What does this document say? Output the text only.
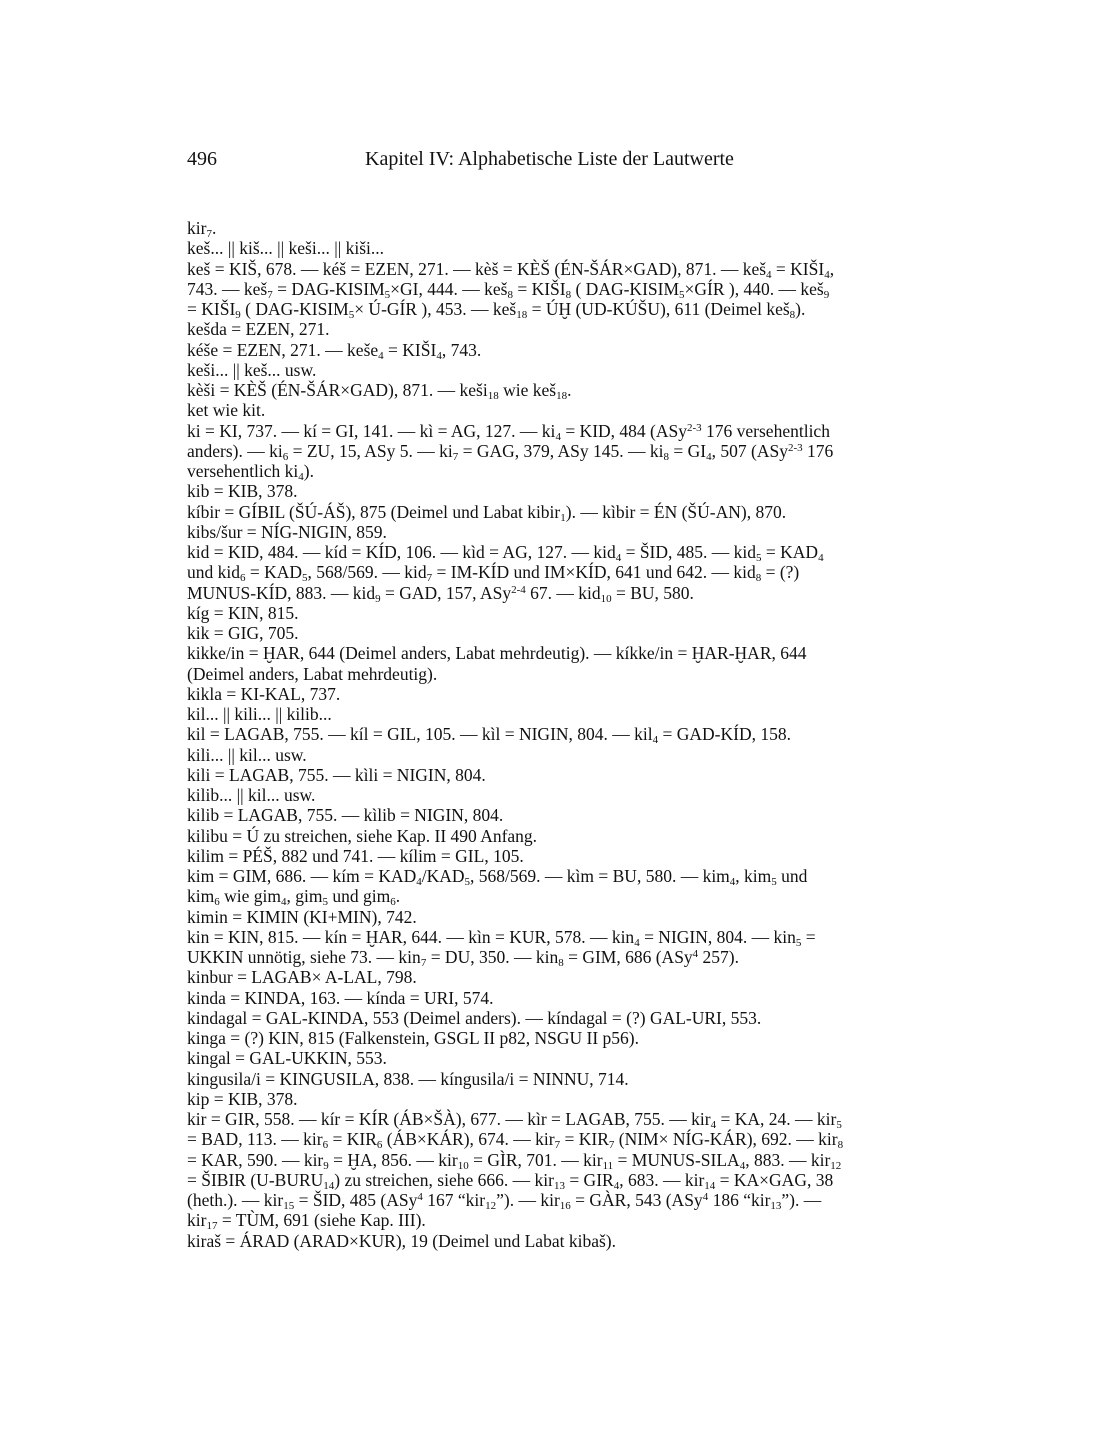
496	Kapitel IV: Alphabetische Liste der Lautwerte
kir$_7$.
keš... || kiš... || keši... || kiši...
keš = KIŠ, 678. — kéš = EZEN, 271. — kèš = KÈŠ (ÉN-ŠÁR×GAD), 871. — keš$_4$ = $KIŠI_4$,
743. — keš$_7$ = DAG-$KISIM_5\times GI$, 444. — keš$_8$ = $KIŠI_8$ ( DAG-$KISIM_5\times GÍR$ ), 440. — keš$_9$
= $KIŠI_9$ ( DAG-$KISIM_5\times$ Ú-GÍR ), 453. — keš$_{18}$ = ÚḪ (UD-KÚŠU), 611 (Deimel keš$_8$).
kešda = EZEN, 271.
kéše = EZEN, 271. — keše$_4$ = $KIŠI_4$, 743.
keši... || keš... usw.
kèši = KÈŠ (ÉN-ŠÁR×GAD), 871. — keši$_{18}$ wie keš$_{18}$.
ket wie kit.
ki = KI, 737. — kí = GI, 141. — kì = AG, 127. — $ki_4$ = KID, 484 (ASy$^{2-3}$ 176 versehentlich
anders). — $ki_6$ = ZU, 15, ASy 5. — $ki_7$ = GAG, 379, ASy 145. — $ki_8 = GI_4$, 507 (ASy$^{2-3}$ 176
versehentlich $ki_4$).
kib = KIB, 378.
kíbir = GÍBIL (ŠÚ-ÁŠ), 875 (Deimel und Labat kibir$_1$). — kìbir = ÉN (ŠÚ-AN), 870.
kibs/šur = NÍG-NIGIN, 859.
kid = KID, 484. — kíd = KÍD, 106. — kìd = AG, 127. — kid$_4$ = ŠID, 485. — $kid_5 = KAD_4$
und $kid_6 = KAD_5$, 568/569. — kid$_7$ = IM-KÍD und IM×KÍD, 641 und 642. — kid$_8$ = (?)
MUNUS-KÍD, 883. — kid$_9$ = GAD, 157, ASy$^{2-4}$ 67. — kid$_{10}$ = BU, 580.
kíg = KIN, 815.
kik = GIG, 705.
kikke/in = ḪAR, 644 (Deimel anders, Labat mehrdeutig). — kíkke/in = ḪAR-ḪAR, 644
(Deimel anders, Labat mehrdeutig).
kikla = KI-KAL, 737.
kil... || kili... || kilib...
kil = LAGAB, 755. — kíl = GIL, 105. — kìl = NIGIN, 804. — kil$_4$ = GAD-KÍD, 158.
kili... || kil... usw.
kili = LAGAB, 755. — kìli = NIGIN, 804.
kilib... || kil... usw.
kilib = LAGAB, 755. — kìlib = NIGIN, 804.
kilibu = Ú zu streichen, siehe Kap. II 490 Anfang.
kilim = PÉŠ, 882 und 741. — kílim = GIL, 105.
kim = GIM, 686. — kím = $KAD_4/KAD_5$, 568/569. — kìm = BU, 580. — kim$_4$, kim$_5$ und
kim$_6$ wie gim$_4$, gim$_5$ und gim$_6$.
kimin = KIMIN (KI+MIN), 742.
kin = KIN, 815. — kín = ḪAR, 644. — kìn = KUR, 578. — kin$_4$ = NIGIN, 804. — kin$_5$ =
UKKIN unnötig, siehe 73. — kin$_7$ = DU, 350. — kin$_8$ = GIM, 686 (ASy$^4$ 257).
kinbur = LAGAB× A-LAL, 798.
kinda = KINDA, 163. — kínda = URI, 574.
kindagal = GAL-KINDA, 553 (Deimel anders). — kíndagal = (?) GAL-URI, 553.
kinga = (?) KIN, 815 (Falkenstein, GSGL II p82, NSGU II p56).
kingal = GAL-UKKIN, 553.
kingusila/i = KINGUSILA, 838. — kíngusila/i = NINNU, 714.
kip = KIB, 378.
kir = GIR, 558. — kír = KÍR (ÁB×ŠÀ), 677. — kìr = LAGAB, 755. — kir$_4$ = KA, 24. — kir$_5$
= BAD, 113. — $kir_6 = KIR_6$ (ÁB×KÁR), 674. — $kir_7 = KIR_7$ (NIM× NÍG-KÁR), 692. — kir$_8$
= KAR, 590. — kir$_9$ = ḪA, 856. — kir$_{10}$ = GÌR, 701. — kir$_{11}$ = MUNUS-$SILA_4$, 883. — kir$_{12}$
= ŠIBIR $(U-BURU_{14})$ zu streichen, siehe 666. — $kir_{13} = GIR_4$, 683. — kir$_{14}$ = KA×GAG, 38
(heth.). — kir$_{15}$ = ŠID, 485 (ASy$^4$ 167 “kir$_{12}$”). — kir$_{16}$ = GÀR, 543 (ASy$^4$ 186 “kir$_{13}$”). —
kir$_{17}$ = TÙM, 691 (siehe Kap. III).
kiraš = ÁRAD (ARAD×KUR), 19 (Deimel und Labat kibaš).
